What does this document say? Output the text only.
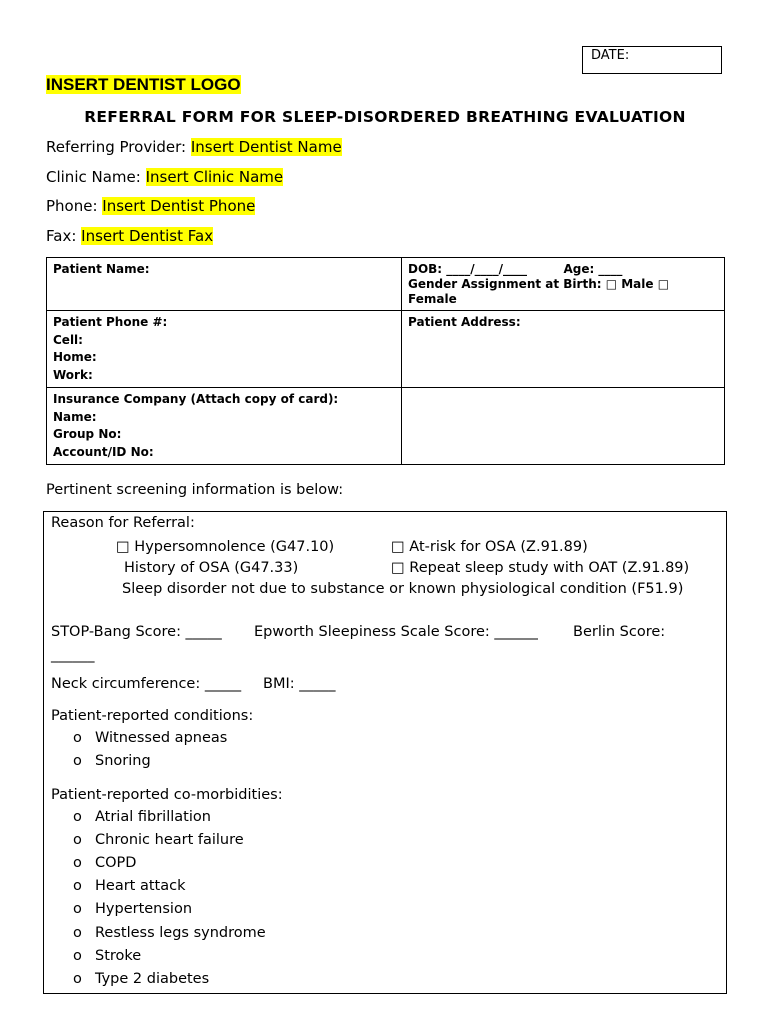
DATE:
INSERT DENTIST LOGO
REFERRAL FORM FOR SLEEP-DISORDERED BREATHING EVALUATION
Referring Provider: Insert Dentist Name
Clinic Name: Insert Clinic Name
Phone: Insert Dentist Phone
Fax: Insert Dentist Fax
Patient Name:	DOB: ____/____/____ Age: ____
Gender Assignment at Birth: □ Male □
Female

Patient Phone #:
Cell:
Home:
Work:	Patient Address:

Insurance Company (Attach copy of card):
Name:
Group No:
Account/ID No:	

Pertinent screening information is below:
Reason for Referral:
□ Hypersomnolence (G47.10)	□ At-risk for OSA (Z.91.89)
History of OSA (G47.33)	□ Repeat sleep study with OAT (Z.91.89)
Sleep disorder not due to substance or known physiological condition (F51.9)
STOP-Bang Score: _____ Epworth Sleepiness Scale Score: ______ Berlin Score:
______
Neck circumference: _____ BMI: _____
Patient-reported conditions:
o Witnessed apneas
o Snoring
Patient-reported co-morbidities:
o Atrial fibrillation
o Chronic heart failure
o COPD
o Heart attack
o Hypertension
o Restless legs syndrome
o Stroke
o Type 2 diabetes
